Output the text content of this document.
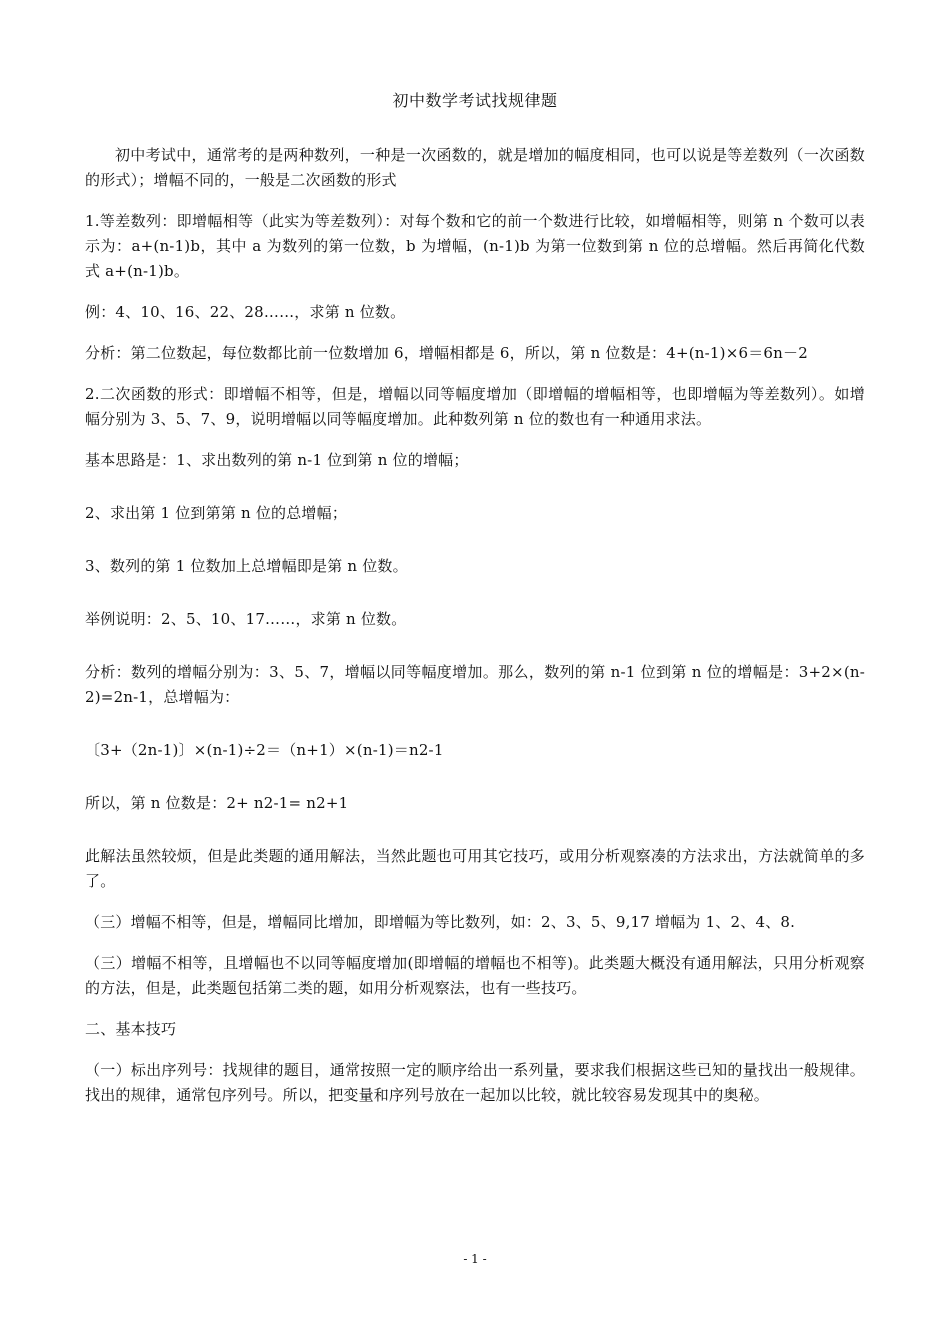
初中数学考试找规律题

初中考试中，通常考的是两种数列，一种是一次函数的，就是增加的幅度相同，也可以说是等差数列（一次函数的形式）；增幅不同的，一般是二次函数的形式

1.等差数列：即增幅相等（此实为等差数列）：对每个数和它的前一个数进行比较，如增幅相等，则第 n 个数可以表示为：a+(n-1)b，其中 a 为数列的第一位数，b 为增幅，(n-1)b 为第一位数到第 n 位的总增幅。然后再简化代数式 a+(n-1)b。

例：4、10、16、22、28……，求第 n 位数。

分析：第二位数起，每位数都比前一位数增加 6，增幅相都是 6，所以，第 n 位数是：4+(n-1)×6＝6n－2

2.二次函数的形式：即增幅不相等，但是，增幅以同等幅度增加（即增幅的增幅相等，也即增幅为等差数列）。如增幅分别为 3、5、7、9，说明增幅以同等幅度增加。此种数列第 n 位的数也有一种通用求法。

基本思路是：1、求出数列的第 n-1 位到第 n 位的增幅；

2、求出第 1 位到第第 n 位的总增幅；

3、数列的第 1 位数加上总增幅即是第 n 位数。

举例说明：2、5、10、17……，求第 n 位数。

分析：数列的增幅分别为：3、5、7，增幅以同等幅度增加。那么，数列的第 n-1 位到第 n 位的增幅是：3+2×(n-2)=2n-1，总增幅为：

〔3+（2n-1)〕×(n-1)÷2＝（n+1）×(n-1)＝n2-1

所以，第 n 位数是：2+ n2-1= n2+1

此解法虽然较烦，但是此类题的通用解法，当然此题也可用其它技巧，或用分析观察凑的方法求出，方法就简单的多了。

（三）增幅不相等，但是，增幅同比增加，即增幅为等比数列，如：2、3、5、9,17 增幅为 1、2、4、8.

（三）增幅不相等，且增幅也不以同等幅度增加(即增幅的增幅也不相等)。此类题大概没有通用解法，只用分析观察的方法，但是，此类题包括第二类的题，如用分析观察法，也有一些技巧。

二、基本技巧

（一）标出序列号：找规律的题目，通常按照一定的顺序给出一系列量，要求我们根据这些已知的量找出一般规律。找出的规律，通常包序列号。所以，把变量和序列号放在一起加以比较，就比较容易发现其中的奥秘。

- 1 -
